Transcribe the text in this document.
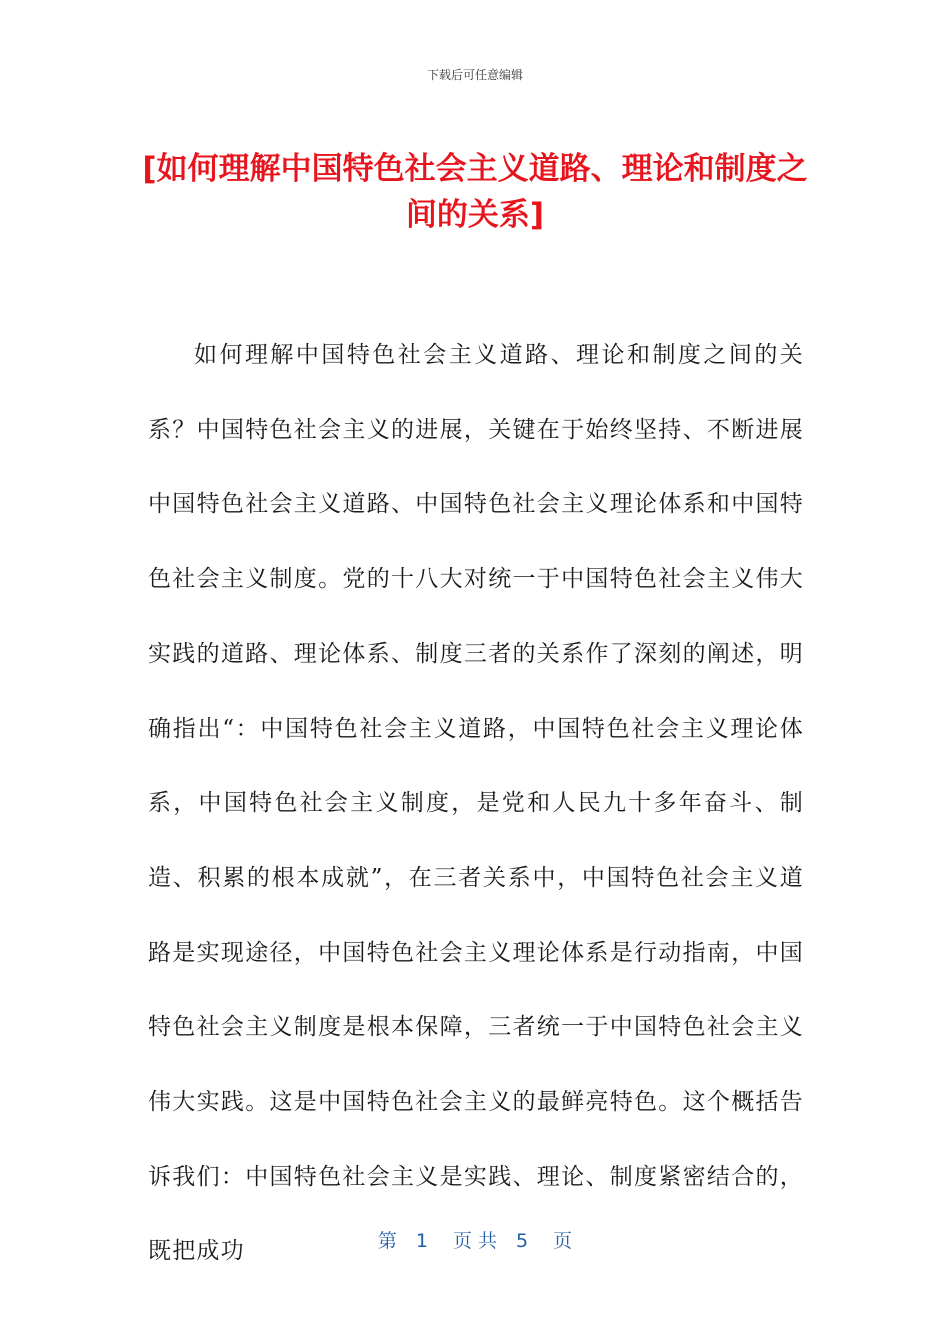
下载后可任意编辑
[如何理解中国特色社会主义道路、理论和制度之间的关系]

如何理解中国特色社会主义道路、理论和制度之间的关系？中国特色社会主义的进展，关键在于始终坚持、不断进展中国特色社会主义道路、中国特色社会主义理论体系和中国特色社会主义制度。党的十八大对统一于中国特色社会主义伟大实践的道路、理论体系、制度三者的关系作了深刻的阐述，明确指出“：中国特色社会主义道路，中国特色社会主义理论体系，中国特色社会主义制度，是党和人民九十多年奋斗、制造、积累的根本成就”，在三者关系中，中国特色社会主义道路是实现途径，中国特色社会主义理论体系是行动指南，中国特色社会主义制度是根本保障，三者统一于中国特色社会主义伟大实践。这是中国特色社会主义的最鲜亮特色。这个概括告诉我们：中国特色社会主义是实践、理论、制度紧密结合的，既把成功	第　1　 页 共　5　 页
